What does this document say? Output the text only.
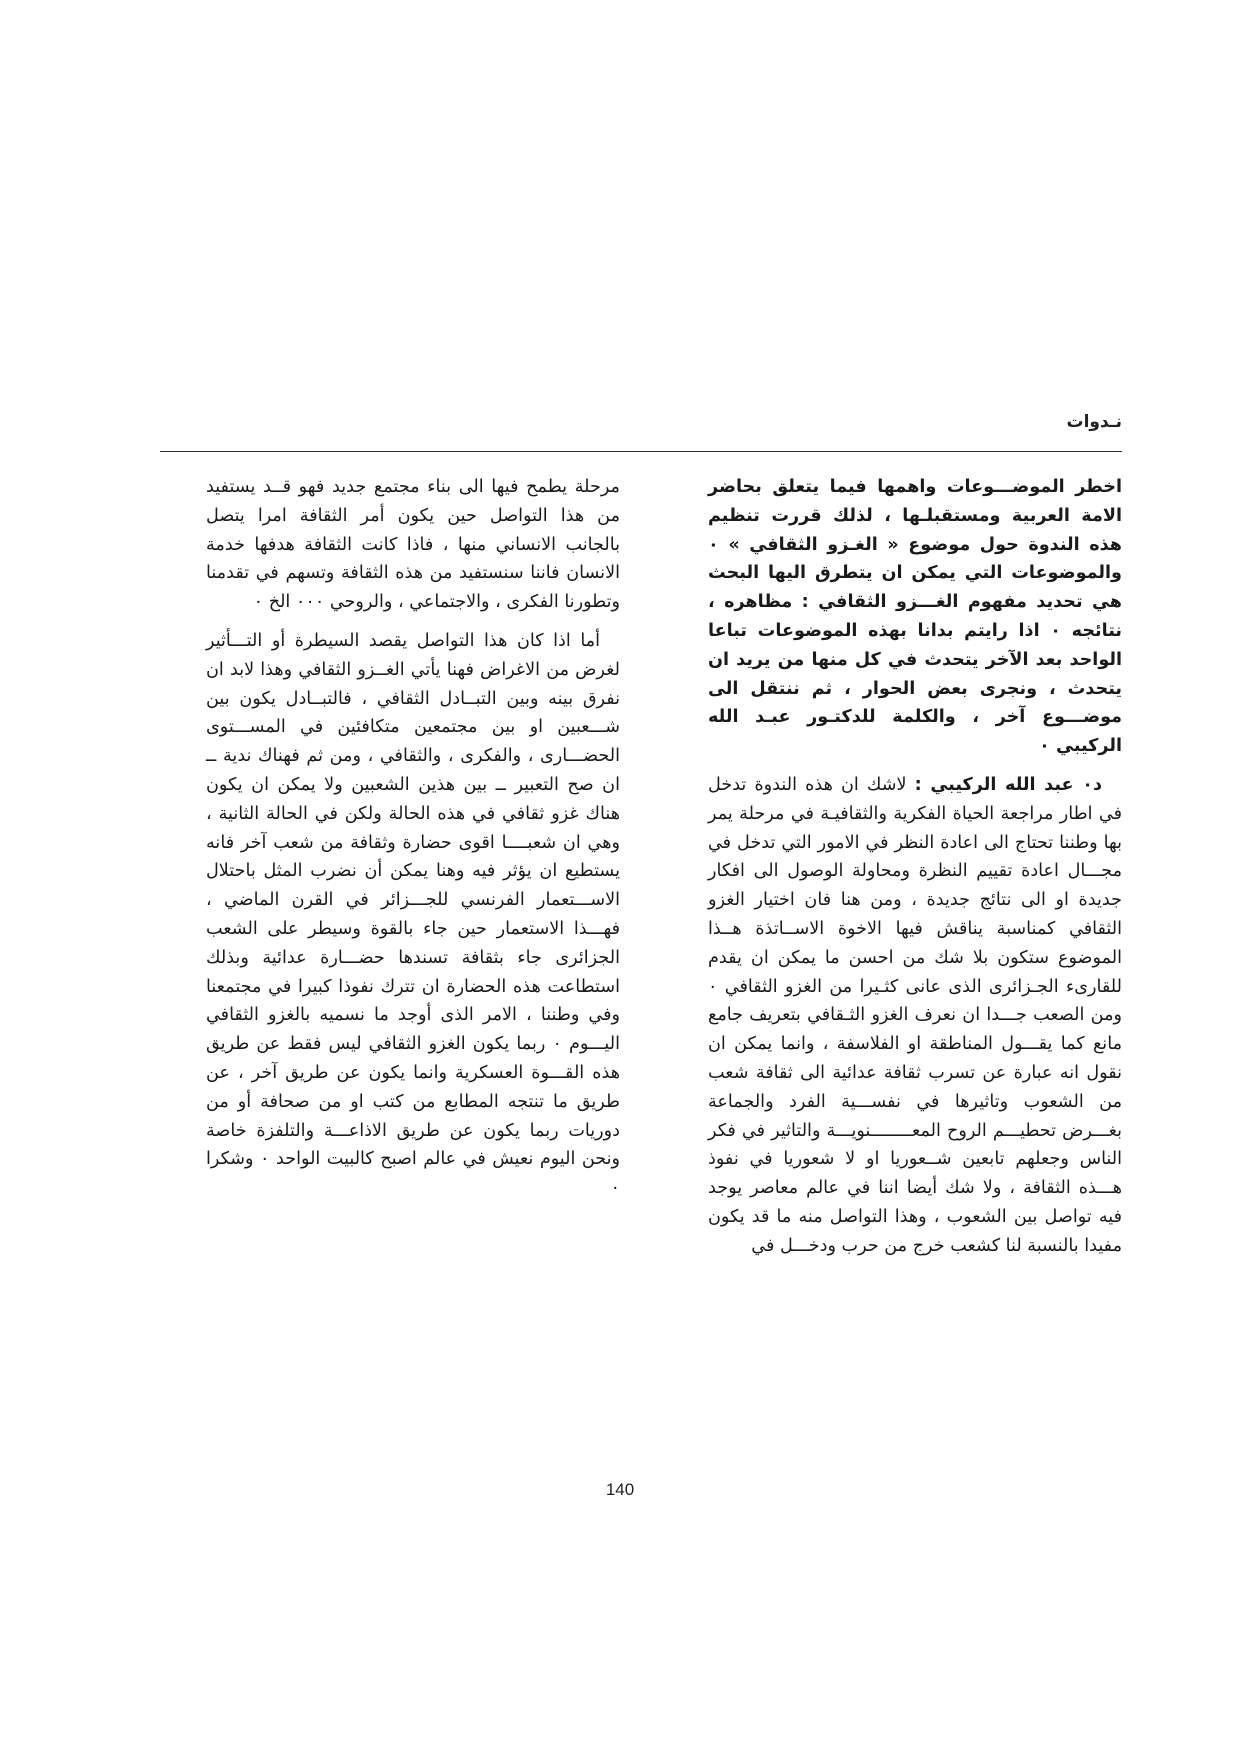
نـدوات

اخطر الموضـــوعات واهمها فيما يتعلق بحاضر الامة العربية ومستقبلـها ، لذلك قررت تنظيم هذه الندوة حول موضوع « الغـزو الثقافي » ٠ والموضوعات التي يمكن ان يتطرق اليها البحث هي تحديد مفهوم الغـــزو الثقافي : مظاهره ، نتائجه ٠ اذا رايتم بدانا بهذه الموضوعات تباعا الواحد بعد الآخر يتحدث في كل منها من يريد ان يتحدث ، ونجرى بعض الحوار ، ثم ننتقل الى موضـــوع آخر ، والكلمة للدكتـور عبـد الله الركيبي ٠

د٠ عبد الله الركيبي : لاشك ان هذه الندوة تدخل في اطار مراجعة الحياة الفكرية والثقافيـة في مرحلة يمر بها وطننا تحتاج الى اعادة النظر في الامور التي تدخل في مجـــال اعادة تقييم النظرة ومحاولة الوصول الى افكار جديدة او الى نتائج جديدة ، ومن هنا فان اختيار الغزو الثقافي كمناسبة يناقش فيها الاخوة الاســاتذة هــذا الموضوع ستكون بلا شك من احسن ما يمكن ان يقدم للقارىء الجـزائرى الذى عانى كثـيرا من الغزو الثقافي ٠ ومن الصعب جـــدا ان نعرف الغزو الثـقافي بتعريف جامع مانع كما يقـــول المناطقة او الفلاسفة ، وانما يمكن ان نقول انه عبارة عن تسرب ثقافة عدائية الى ثقافة شعب من الشعوب وتاثيرها في نفســـية الفرد والجماعة بغـــرض تحطيـــم الروح المعــــــــنويـــة والتاثير في فكر الناس وجعلهم تابعين شــعوريا او لا شعوريا في نفوذ هـــذه الثقافة ، ولا شك أيضا اننا في عالم معاصر يوجد فيه تواصل بين الشعوب ، وهذا التواصل منه ما قد يكون مفيدا بالنسبة لنا كشعب خرج من حرب ودخـــل في

مرحلة يطمح فيها الى بناء مجتمع جديد فهو قــد يستفيد من هذا التواصل حين يكون أمر الثقافة امرا يتصل بالجانب الانساني منها ، فاذا كانت الثقافة هدفها خدمة الانسان فاننا سنستفيد من هذه الثقافة وتسهم في تقدمنا وتطورنا الفكرى ، والاجتماعي ، والروحي ٠٠٠ الخ ٠

أما اذا كان هذا التواصل يقصد السيطرة أو التـــأثير لغرض من الاغراض فهنا يأتي الغــزو الثقافي وهذا لابد ان نفرق بينه وبين التبــادل الثقافي ، فالتبــادل يكون بين شـــعبين او بين مجتمعين متكافئين في المســـتوى الحضـــارى ، والفكرى ، والثقافي ، ومن ثم فهناك ندية ــ ان صح التعبير ــ بين هذين الشعبين ولا يمكن ان يكون هناك غزو ثقافي في هذه الحالة ولكن في الحالة الثانية ، وهي ان شعبــــا اقوى حضارة وثقافة من شعب آخر فانه يستطيع ان يؤثر فيه وهنا يمكن أن نضرب المثل باحتلال الاســـتعمار الفرنسي للجـــزائر في القرن الماضي ، فهـــذا الاستعمار حين جاء بالقوة وسيطر على الشعب الجزائرى جاء بثقافة تسندها حضـــارة عدائية وبذلك استطاعت هذه الحضارة ان تترك نفوذا كبيرا في مجتمعنا وفي وطننا ، الامر الذى أوجد ما نسميه بالغزو الثقافي اليـــوم ٠ ربما يكون الغزو الثقافي ليس فقط عن طريق هذه القـــوة العسكرية وانما يكون عن طريق آخر ، عن طريق ما تنتجه المطابع من كتب او من صحافة أو من دوريات ربما يكون عن طريق الاذاعـــة والتلفزة خاصة ونحن اليوم نعيش في عالم اصبح كالبيت الواحد ٠ وشكرا ٠

140
